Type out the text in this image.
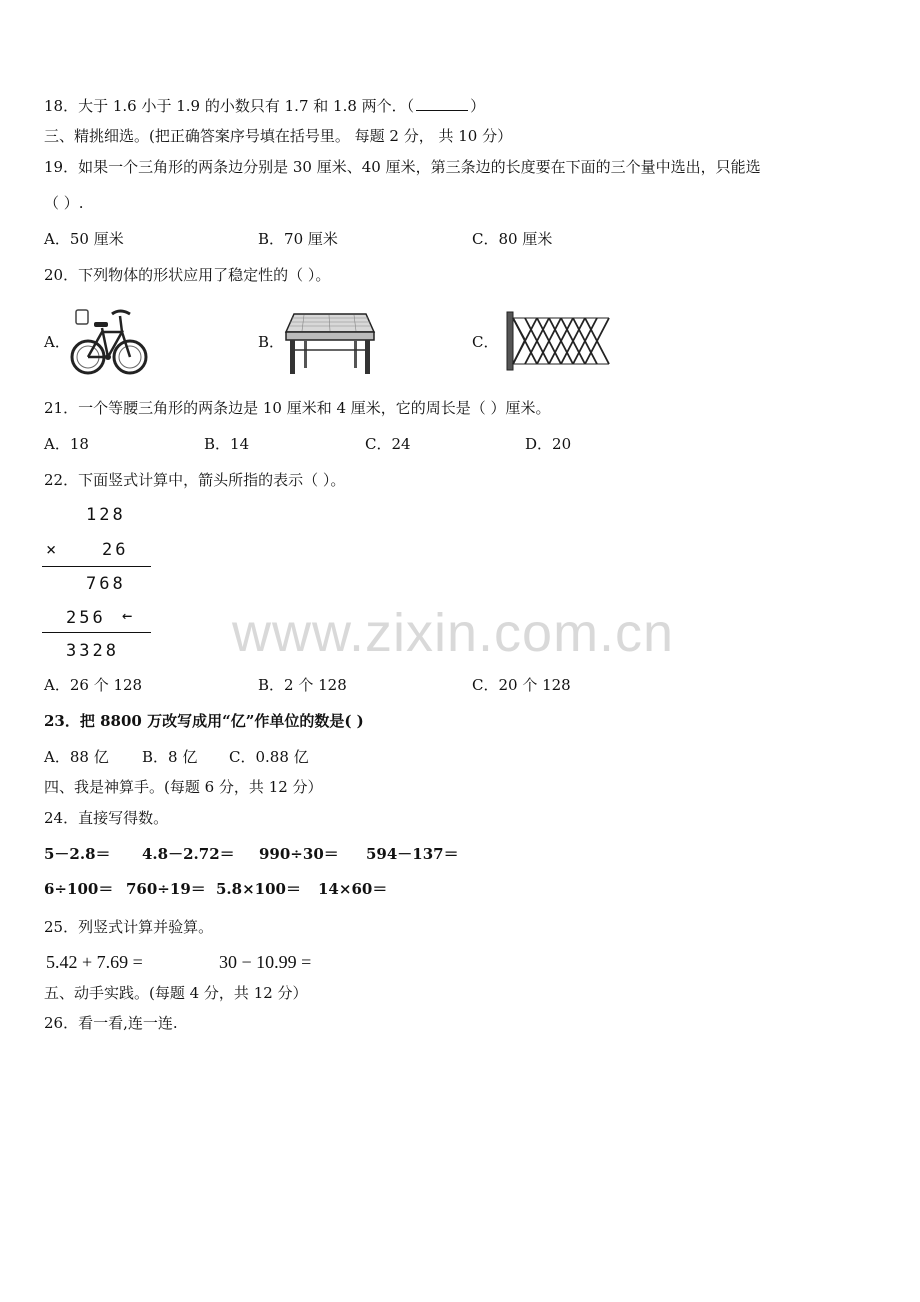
18．大于 1.6 小于 1.9 的小数只有 1.7 和 1.8 两个．（	）
三、精挑细选。(把正确答案序号填在括号里。 每题 2 分， 共 10 分）
19．如果一个三角形的两条边分别是 30 厘米、40 厘米，第三条边的长度要在下面的三个量中选出，只能选
（ ）.
A．50 厘米	B．70 厘米	C．80 厘米
20．下列物体的形状应用了稳定性的（ ）。
A．	B．	C．
21．一个等腰三角形的两条边是 10 厘米和 4 厘米，它的周长是（ ）厘米。
A．18	B．14	C．24	D．20
22．下面竖式计算中，箭头所指的表示（ ）。
128
×	26
768
256 ←
3328 www.zixin.com.cn
A．26 个 128	B．2 个 128	C．20 个 128
23．把 8800 万改写成用“亿”作单位的数是( )
A．88 亿 B．8 亿 C．0.88 亿
四、我是神算手。(每题 6 分，共 12 分）
24．直接写得数。
5－2.8＝ 4.8－2.72＝ 990÷30＝ 594－137＝
6÷100＝ 760÷19＝ 5.8×100＝ 14×60＝
25．列竖式计算并验算。
5.42 + 7.69 =	30 − 10.99 =
五、动手实践。(每题 4 分，共 12 分）
26．看一看,连一连.
